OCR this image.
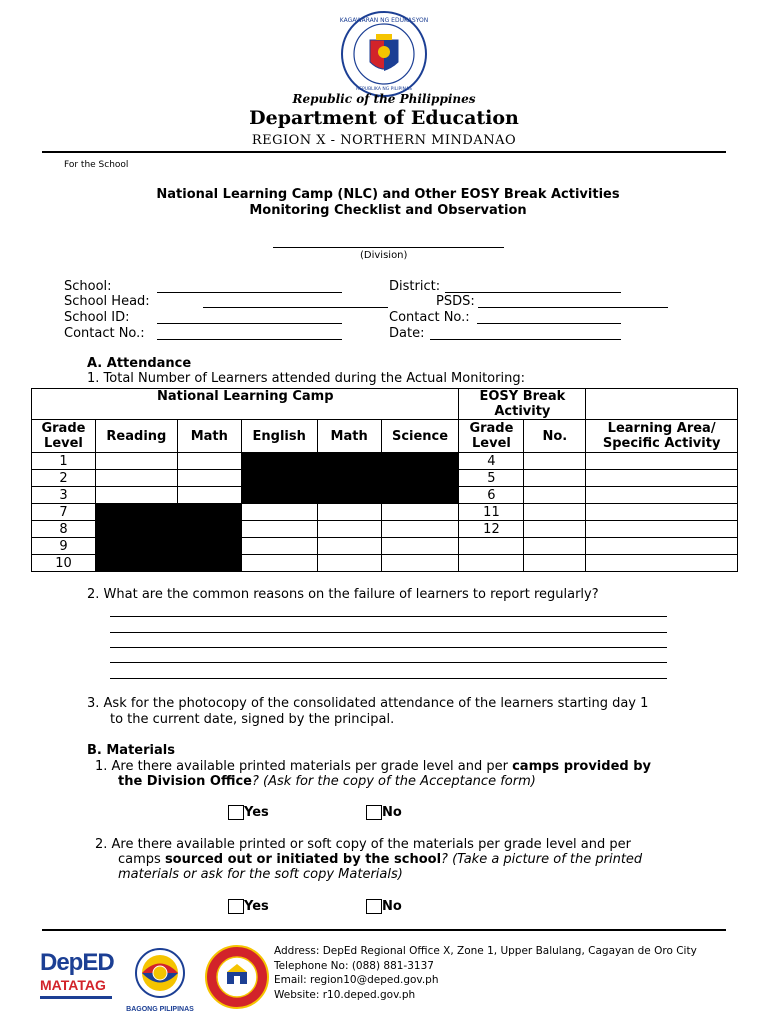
KAGAWARAN NG EDUKASYON
REPUBLIKA NG PILIPINAS
Republic of the Philippines
Department of Education
REGION X - NORTHERN MINDANAO
For the School
National Learning Camp (NLC) and Other EOSY Break Activities
Monitoring Checklist and Observation
(Division)
School:
School Head:
School ID:
Contact No.:
District:
PSDS:
Contact No.:
Date:
A. Attendance
1. Total Number of Learners attended during the Actual Monitoring:
National Learning Camp						EOSY Break Activity		
Grade Level	Reading	Math	English	Math	Science	Grade Level	No.	Learning Area/ Specific Activity
1						4		
2						5		
3						6		
7						11		
8						12		
9								
10								
2. What are the common reasons on the failure of learners to report regularly?
3. Ask for the photocopy of the consolidated attendance of the learners starting day 1
to the current date, signed by the principal.
B. Materials
1. Are there available printed materials per grade level and per camps provided by
the Division Office? (Ask for the copy of the Acceptance form)
Yes	No
2. Are there available printed or soft copy of the materials per grade level and per
camps sourced out or initiated by the school? (Take a picture of the printed
materials or ask for the soft copy Materials)
Yes	No
DepED
MATATAG
BAGONG PILIPINAS
Address: DepEd Regional Office X, Zone 1, Upper Balulang, Cagayan de Oro City
Telephone No: (088) 881-3137
Email: region10@deped.gov.ph
Website: r10.deped.gov.ph
